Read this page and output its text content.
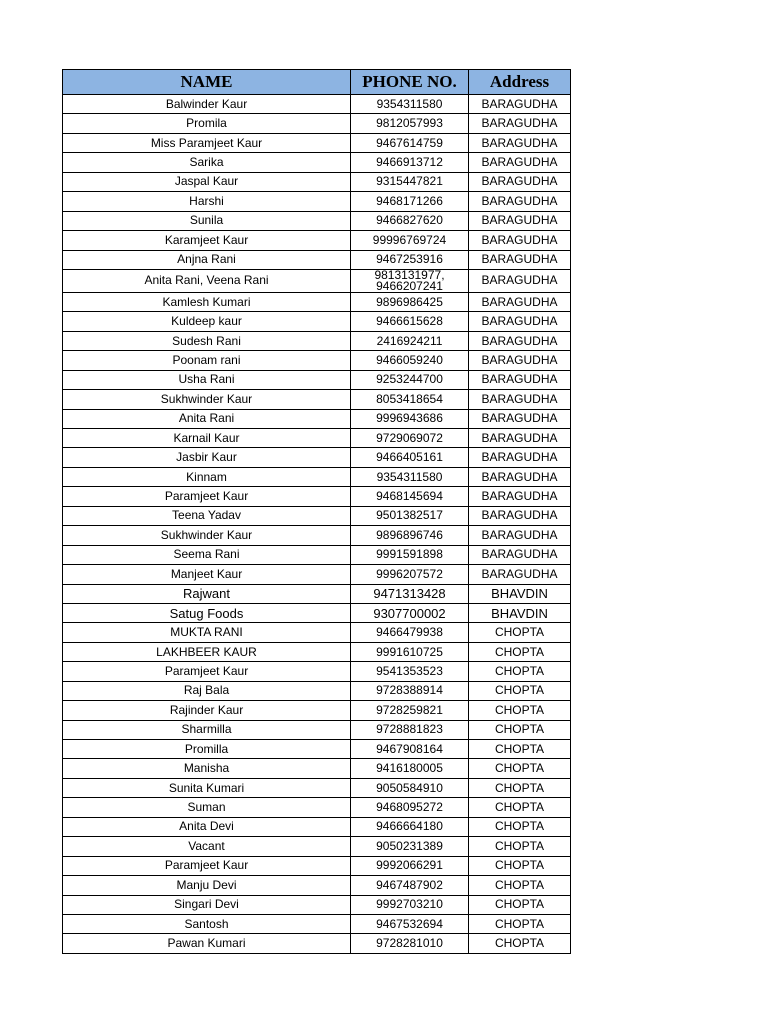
NAME	PHONE NO.	Address
Balwinder Kaur	9354311580	BARAGUDHA
Promila	9812057993	BARAGUDHA
Miss Paramjeet Kaur	9467614759	BARAGUDHA
Sarika	9466913712	BARAGUDHA
Jaspal Kaur	9315447821	BARAGUDHA
Harshi	9468171266	BARAGUDHA
Sunila	9466827620	BARAGUDHA
Karamjeet Kaur	99996769724	BARAGUDHA
Anjna Rani	9467253916	BARAGUDHA
Anita Rani, Veena Rani	9813131977, 9466207241	BARAGUDHA
Kamlesh Kumari	9896986425	BARAGUDHA
Kuldeep kaur	9466615628	BARAGUDHA
Sudesh Rani	2416924211	BARAGUDHA
Poonam rani	9466059240	BARAGUDHA
Usha Rani	9253244700	BARAGUDHA
Sukhwinder Kaur	8053418654	BARAGUDHA
Anita Rani	9996943686	BARAGUDHA
Karnail Kaur	9729069072	BARAGUDHA
Jasbir Kaur	9466405161	BARAGUDHA
Kinnam	9354311580	BARAGUDHA
Paramjeet Kaur	9468145694	BARAGUDHA
Teena Yadav	9501382517	BARAGUDHA
Sukhwinder Kaur	9896896746	BARAGUDHA
Seema Rani	9991591898	BARAGUDHA
Manjeet Kaur	9996207572	BARAGUDHA
Rajwant	9471313428	BHAVDIN
Satug Foods	9307700002	BHAVDIN
MUKTA RANI	9466479938	CHOPTA
LAKHBEER KAUR	9991610725	CHOPTA
Paramjeet Kaur	9541353523	CHOPTA
Raj Bala	9728388914	CHOPTA
Rajinder Kaur	9728259821	CHOPTA
Sharmilla	9728881823	CHOPTA
Promilla	9467908164	CHOPTA
Manisha	9416180005	CHOPTA
Sunita Kumari	9050584910	CHOPTA
Suman	9468095272	CHOPTA
Anita Devi	9466664180	CHOPTA
Vacant	9050231389	CHOPTA
Paramjeet Kaur	9992066291	CHOPTA
Manju Devi	9467487902	CHOPTA
Singari Devi	9992703210	CHOPTA
Santosh	9467532694	CHOPTA
Pawan Kumari	9728281010	CHOPTA
